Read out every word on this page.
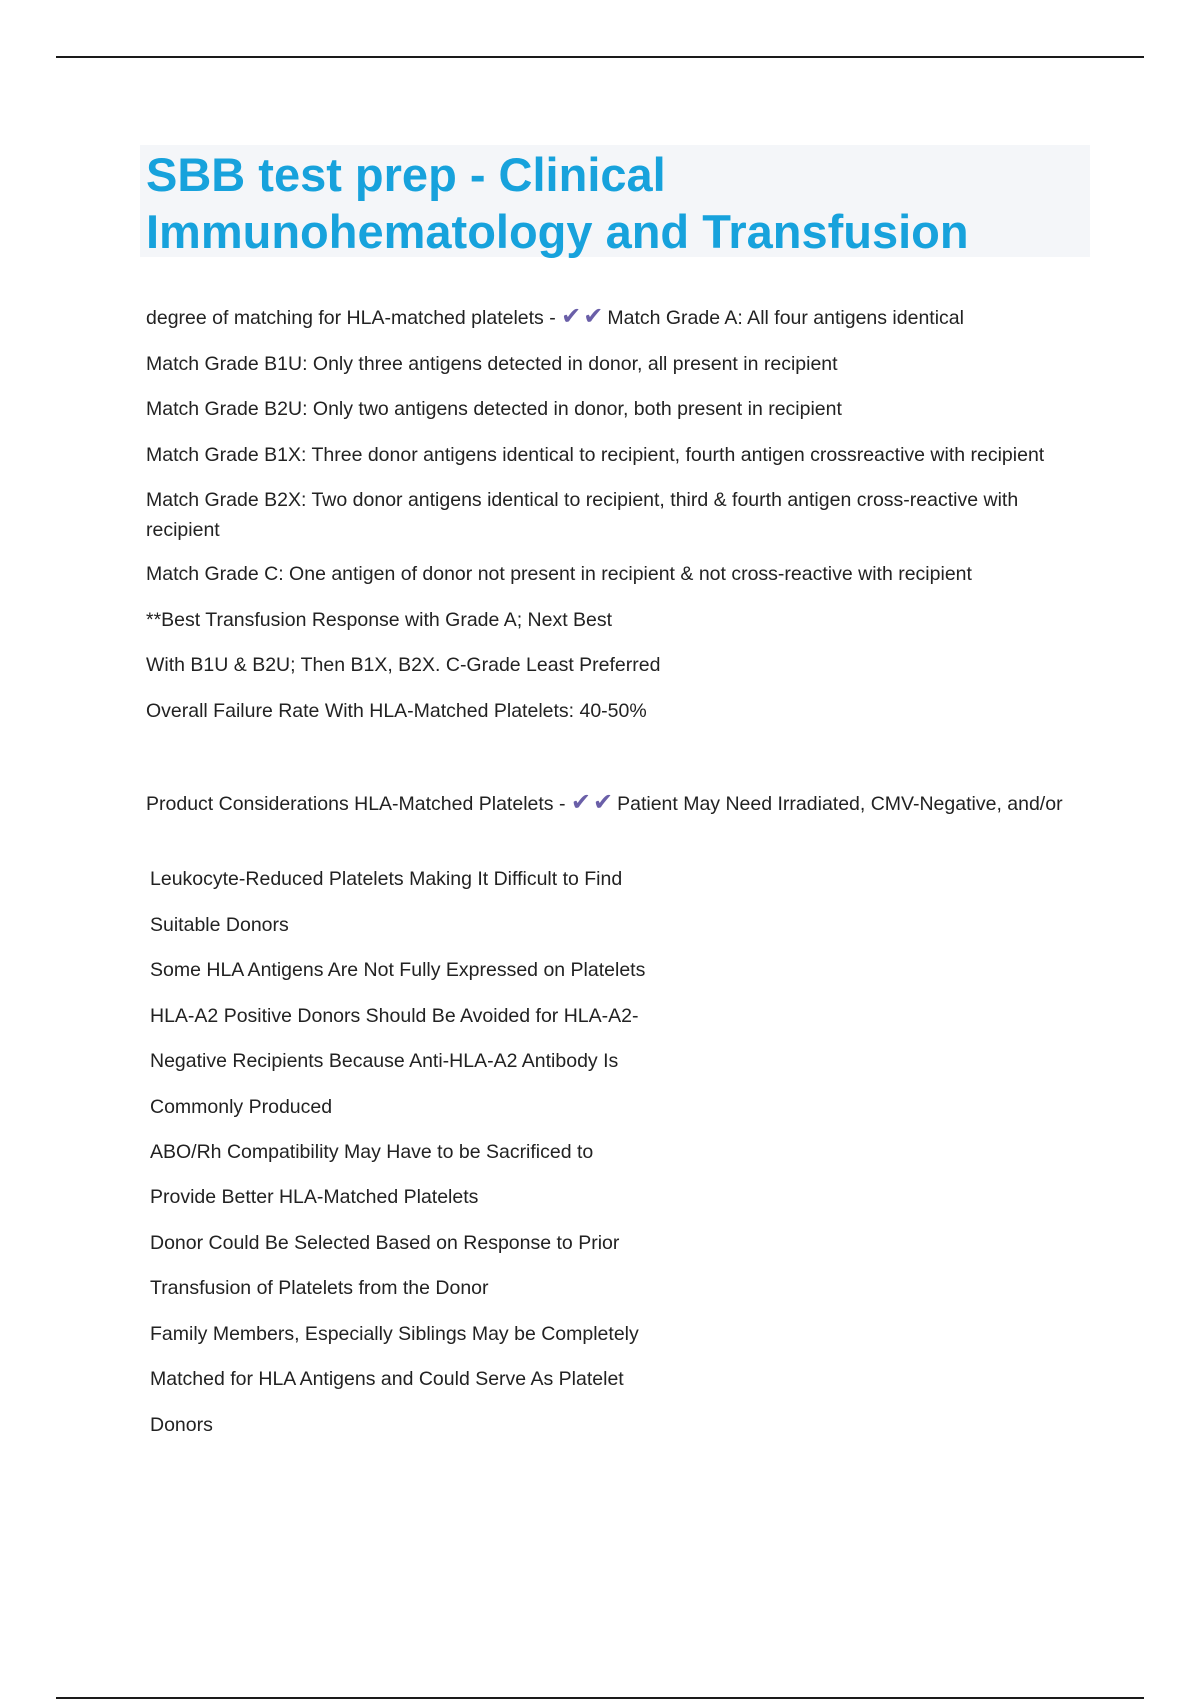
SBB test prep - Clinical
Immunohematology and Transfusion
degree of matching for HLA-matched platelets - ✔✔ Match Grade A: All four antigens identical
Match Grade B1U: Only three antigens detected in donor, all present in recipient
Match Grade B2U: Only two antigens detected in donor, both present in recipient
Match Grade B1X: Three donor antigens identical to recipient, fourth antigen crossreactive with recipient
Match Grade B2X: Two donor antigens identical to recipient, third & fourth antigen cross-reactive with recipient
Match Grade C: One antigen of donor not present in recipient & not cross-reactive with recipient
**Best Transfusion Response with Grade A; Next Best
With B1U & B2U; Then B1X, B2X. C-Grade Least Preferred
Overall Failure Rate With HLA-Matched Platelets: 40-50%
Product Considerations HLA-Matched Platelets - ✔✔ Patient May Need Irradiated, CMV-Negative, and/or
Leukocyte-Reduced Platelets Making It Difficult to Find
Suitable Donors
Some HLA Antigens Are Not Fully Expressed on Platelets
HLA-A2 Positive Donors Should Be Avoided for HLA-A2-
Negative Recipients Because Anti-HLA-A2 Antibody Is
Commonly Produced
ABO/Rh Compatibility May Have to be Sacrificed to
Provide Better HLA-Matched Platelets
Donor Could Be Selected Based on Response to Prior
Transfusion of Platelets from the Donor
Family Members, Especially Siblings May be Completely
Matched for HLA Antigens and Could Serve As Platelet
Donors
